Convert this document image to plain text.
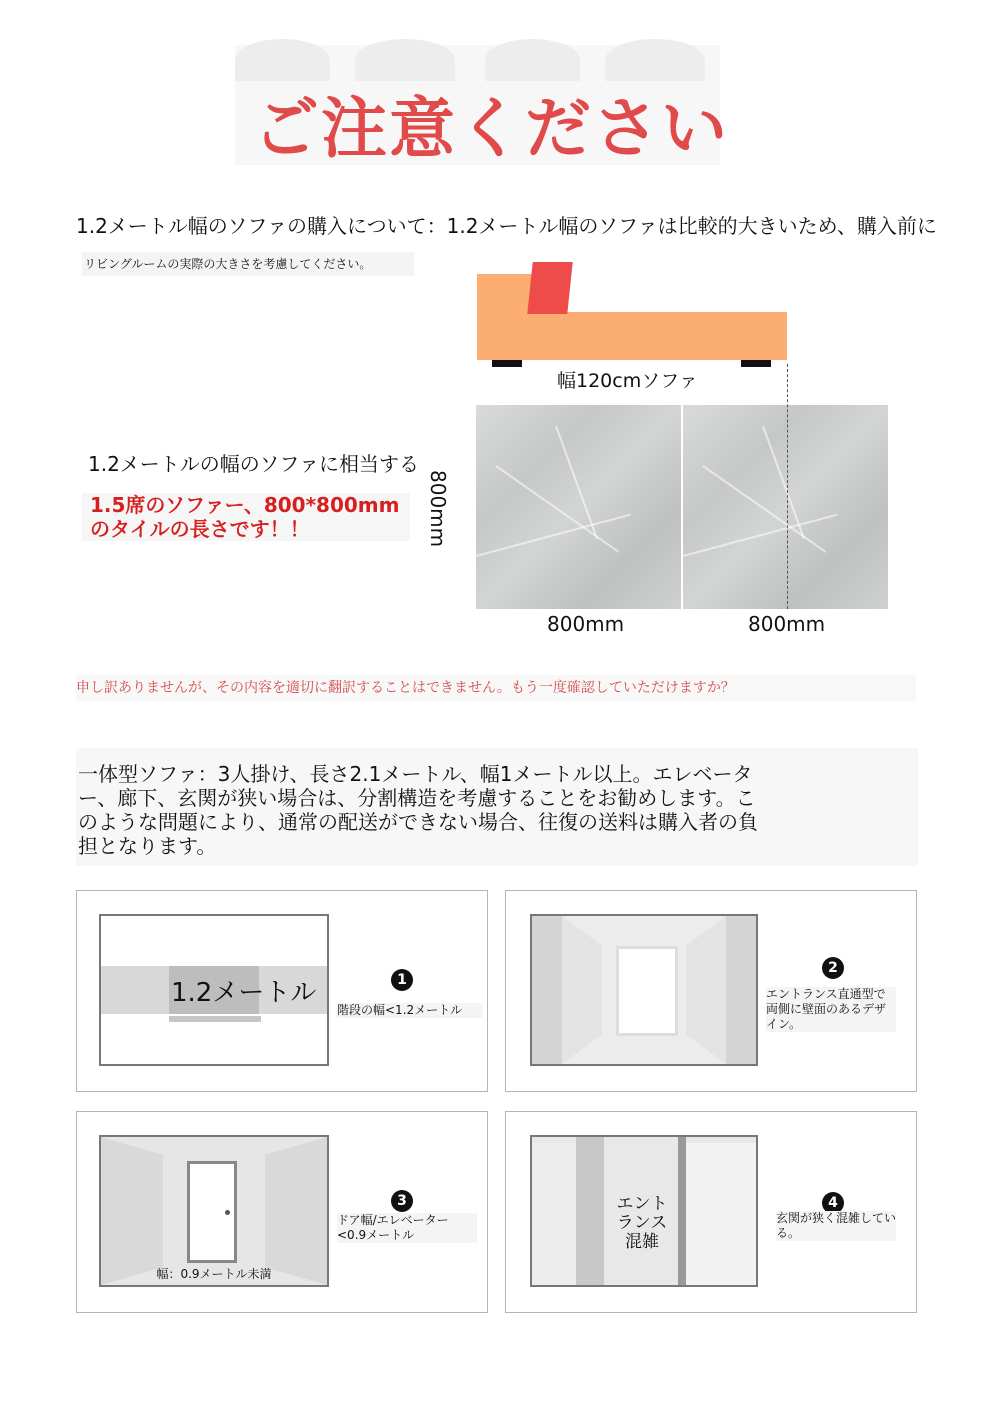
ご注意ください
1.2メートル幅のソファの購入について：1.2メートル幅のソファは比較的大きいため、購入前に
リビングルームの実際の大きさを考慮してください。
幅120cmソファ
800mm
800mm	800mm
1.2メートルの幅のソファに相当する
1.5席のソファー、800*800mmのタイルの長さです！！
申し訳ありませんが、その内容を適切に翻訳することはできません。もう一度確認していただけますか？
一体型ソファ：3人掛け、長さ2.1メートル、幅1メートル以上。エレベーター、廊下、玄関が狭い場合は、分割構造を考慮することをお勧めします。このような問題により、通常の配送ができない場合、往復の送料は購入者の負担となります。
1.2メートル	1
階段の幅<1.2メートル
2
エントランス直通型で両側に壁面のあるデザイン。
幅：0.9メートル未満
3
ドア幅/エレベーター<0.9メートル
エントランス混雑
4
玄関が狭く混雑している。
